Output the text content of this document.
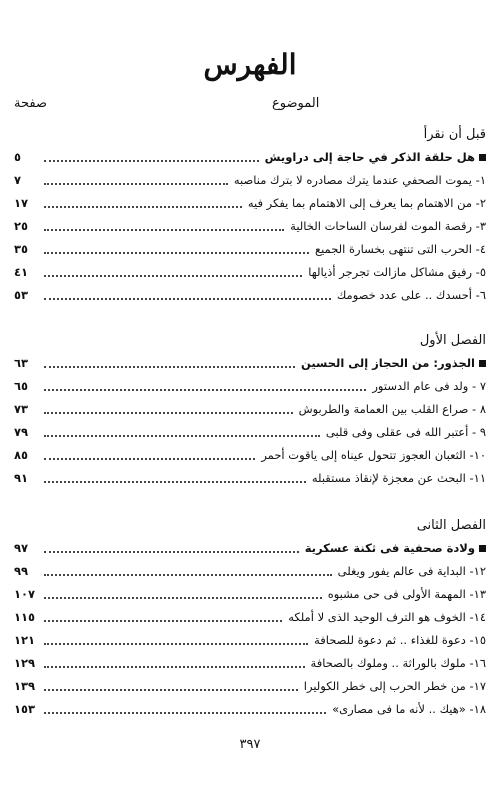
الفهرس
صفحة	الموضوع
قبل أن نقرأ
هل حلقة الذكر في حاجة إلى دراويش
٥
١- يموت الصحفي عندما يترك مصادره لا بترك مناصبه
٧
٢- من الاهتمام بما يعرف إلى الاهتمام بما يفكر فيه
١٧
٣- رقصة الموت لفرسان الساحات الخالية
٢٥
٤- الحرب التى تنتهى بخسارة الجميع
٣٥
٥- رفيق مشاكل مازالت تجرجر أذيالها
٤١
٦- أحسدك .. على عدد خصومك
٥٣
الفصل الأول
الجذور: من الحجاز إلى الحسين
٦٣
٧ - ولد فى عام الدستور
٦٥
٨ - صراع القلب بين العمامة والطربوش
٧٣
٩ - أعتبر الله فى عقلى وفى قلبى
٧٩
١٠- الثعبان العجوز تتحول عيناه إلى ياقوت أحمر
٨٥
١١- البحث عن معجزة لإنقاذ مستقبله
٩١
الفصل الثانى
ولادة صحفية فى ثكنة عسكرية
٩٧
١٢- البداية فى عالم يفور ويغلى
٩٩
١٣- المهمة الأولى فى حى مشبوه
١٠٧
١٤- الخوف هو الترف الوحيد الذى لا أملكه
١١٥
١٥- دعوة للغذاء .. ثم دعوة للصحافة
١٢١
١٦- ملوك بالوراثة .. وملوك بالصحافة
١٢٩
١٧- من خطر الحرب إلى خطر الكوليرا
١٣٩
١٨- «هيك .. لأنه ما فى مصارى»
١٥٣
٣٩٧
